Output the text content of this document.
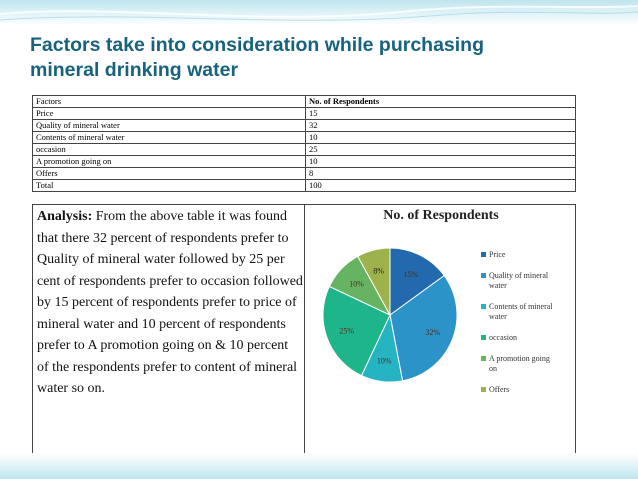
Factors take into consideration while purchasing
mineral drinking water
Factors	No. of Respondents
Price	15
Quality of mineral water	32
Contents of mineral water	10
occasion	25
A promotion going on	10
Offers	8
Total	100
Analysis: From the above table it was found that there 32 percent of respondents prefer to Quality of mineral water followed by 25 per cent of respondents prefer to occasion followed by 15 percent of respondents prefer to price of mineral water and 10 percent of respondents prefer to A promotion going on & 10 percent of the respondents prefer to content of mineral water so on.
No. of Respondents
15%
32%
10%
25%
10%
8%
Price
Quality of mineral
water
Contents of mineral
water
occasion
A promotion going
on
Offers
